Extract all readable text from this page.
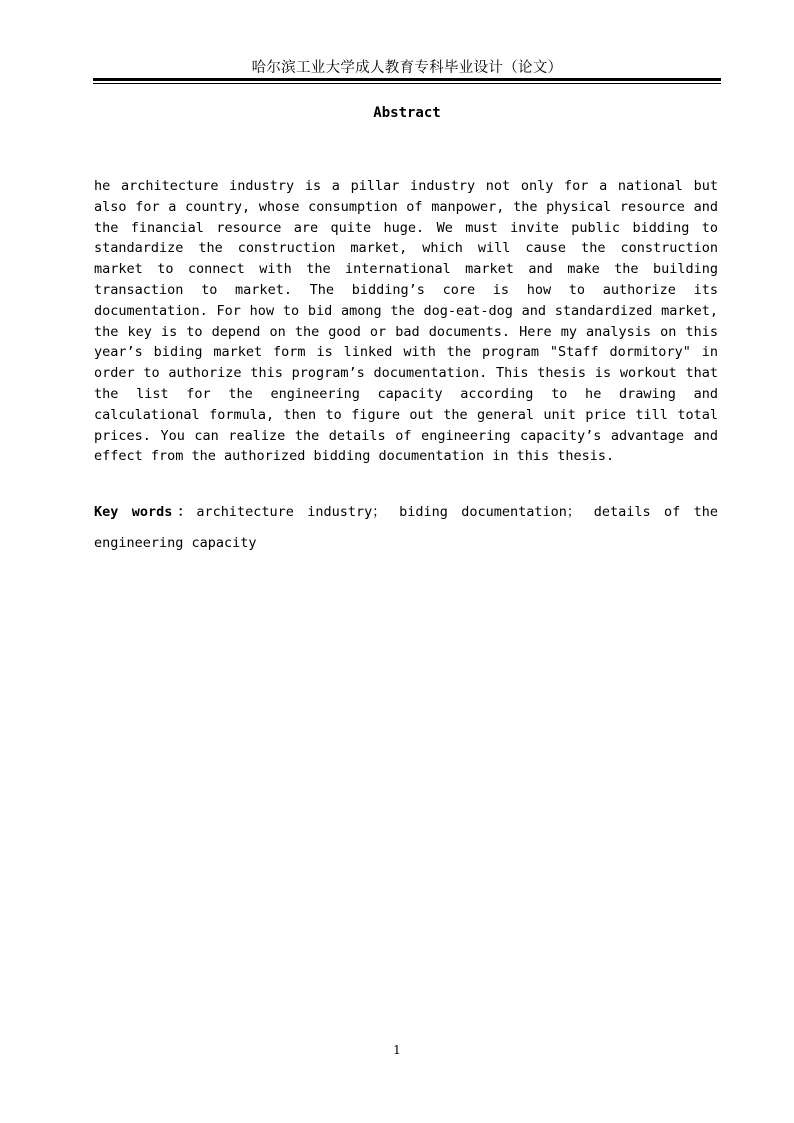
哈尔滨工业大学成人教育专科毕业设计（论文）
Abstract

he architecture industry is a pillar industry not only for a national but also for a country, whose consumption of manpower, the physical resource and the financial resource are quite huge. We must invite public bidding to standardize the construction market, which will cause the construction market to connect with the international market and make the building transaction to market. The bidding’s core is how to authorize its documentation. For how to bid among the dog-eat-dog and standardized market, the key is to depend on the good or bad documents. Here my analysis on this year’s biding market form is linked with the program "Staff dormitory" in order to authorize this program’s documentation. This thesis is workout that the list for the engineering capacity according to he drawing and calculational formula, then to figure out the general unit price till total prices. You can realize the details of engineering capacity’s advantage and effect from the authorized bidding documentation in this thesis.

Key words：architecture industry； biding documentation； details of the engineering capacity

1
